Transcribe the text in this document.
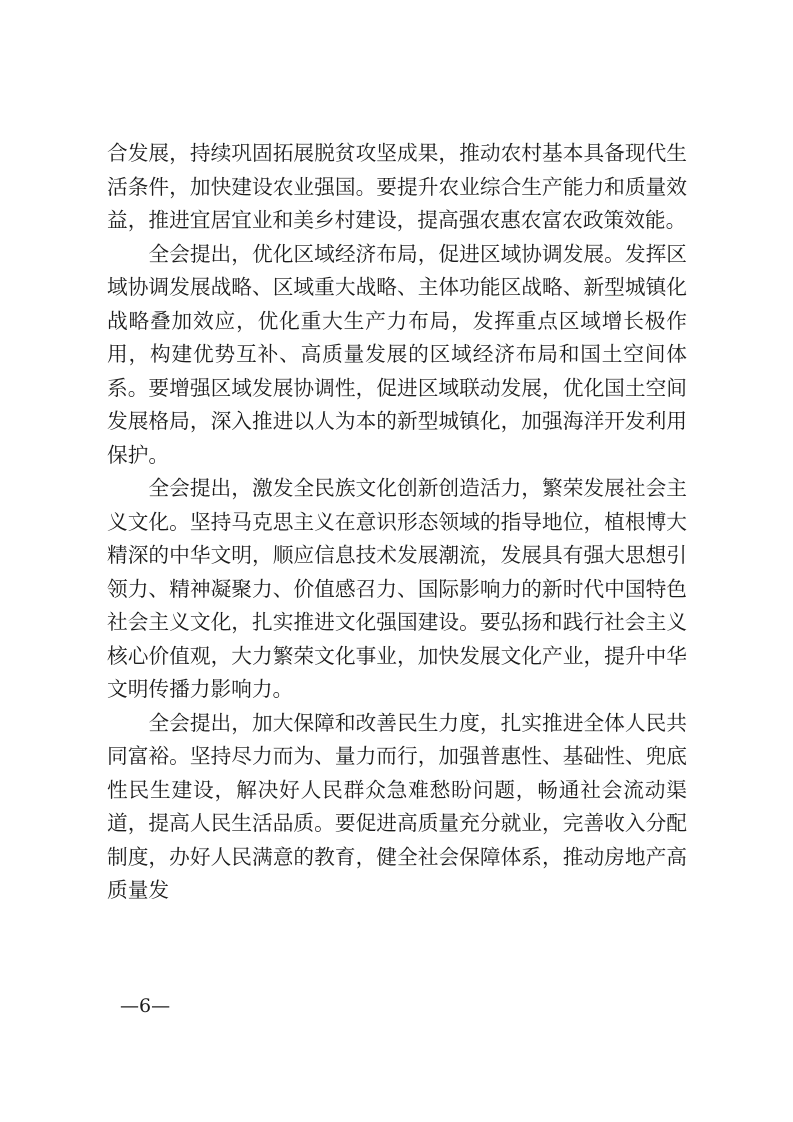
合发展，持续巩固拓展脱贫攻坚成果，推动农村基本具备现代生活条件，加快建设农业强国。要提升农业综合生产能力和质量效益，推进宜居宜业和美乡村建设，提高强农惠农富农政策效能。

全会提出，优化区域经济布局，促进区域协调发展。发挥区域协调发展战略、区域重大战略、主体功能区战略、新型城镇化战略叠加效应，优化重大生产力布局，发挥重点区域增长极作用，构建优势互补、高质量发展的区域经济布局和国土空间体系。要增强区域发展协调性，促进区域联动发展，优化国土空间发展格局，深入推进以人为本的新型城镇化，加强海洋开发利用保护。

全会提出，激发全民族文化创新创造活力，繁荣发展社会主义文化。坚持马克思主义在意识形态领域的指导地位，植根博大精深的中华文明，顺应信息技术发展潮流，发展具有强大思想引领力、精神凝聚力、价值感召力、国际影响力的新时代中国特色社会主义文化，扎实推进文化强国建设。要弘扬和践行社会主义核心价值观，大力繁荣文化事业，加快发展文化产业，提升中华文明传播力影响力。

全会提出，加大保障和改善民生力度，扎实推进全体人民共同富裕。坚持尽力而为、量力而行，加强普惠性、基础性、兜底性民生建设，解决好人民群众急难愁盼问题，畅通社会流动渠道，提高人民生活品质。要促进高质量充分就业，完善收入分配制度，办好人民满意的教育，健全社会保障体系，推动房地产高质量发

—6—
